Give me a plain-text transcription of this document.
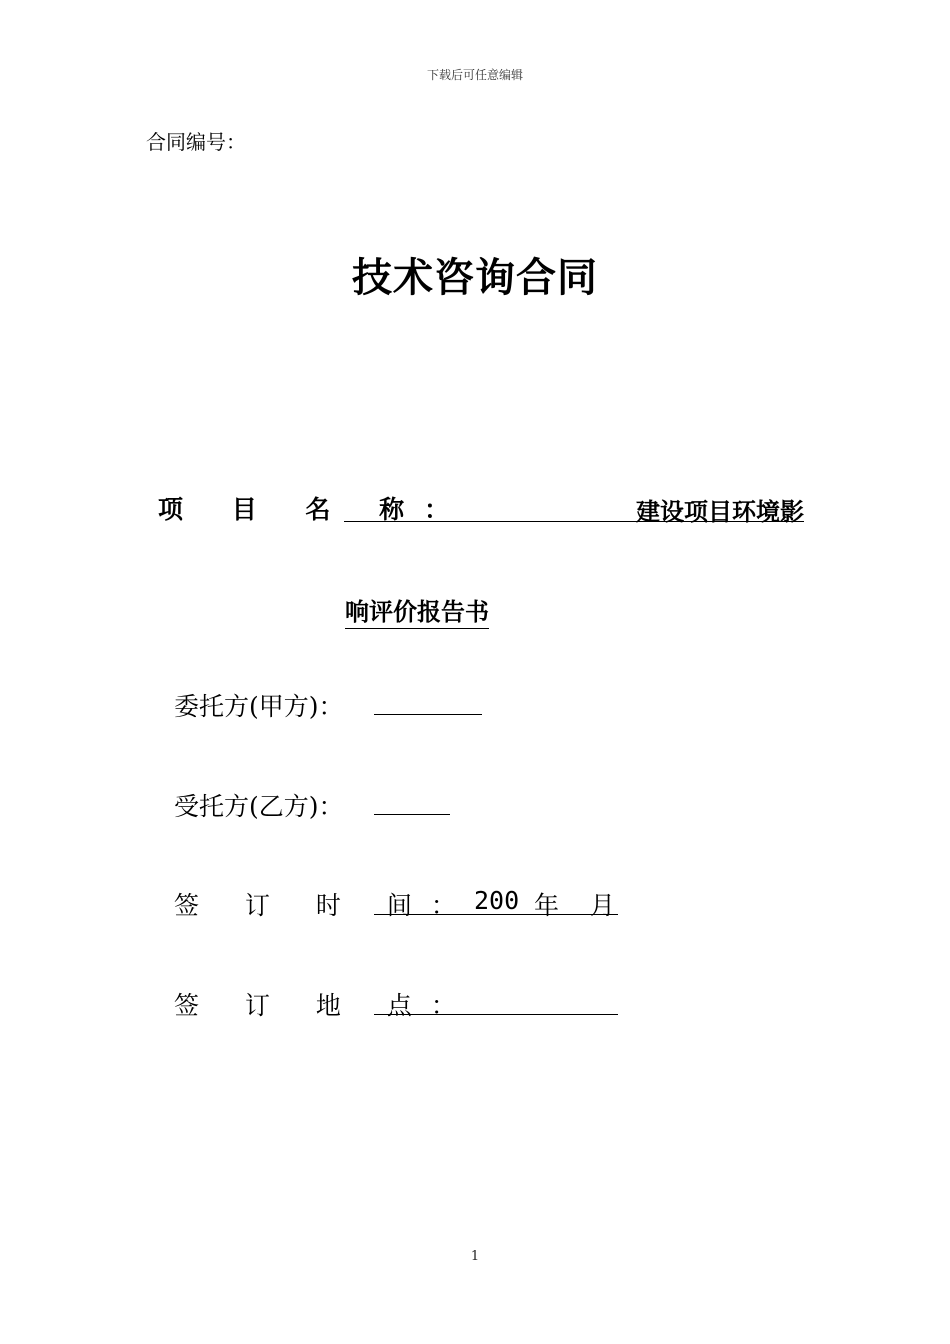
下载后可任意编辑
合同编号：
技术咨询合同
项 目 名 称：	建设项目环境影
响评价报告书
委托方(甲方)：
受托方(乙方)：
签 订 时 间： 200 年 月
签 订 地 点：
1
